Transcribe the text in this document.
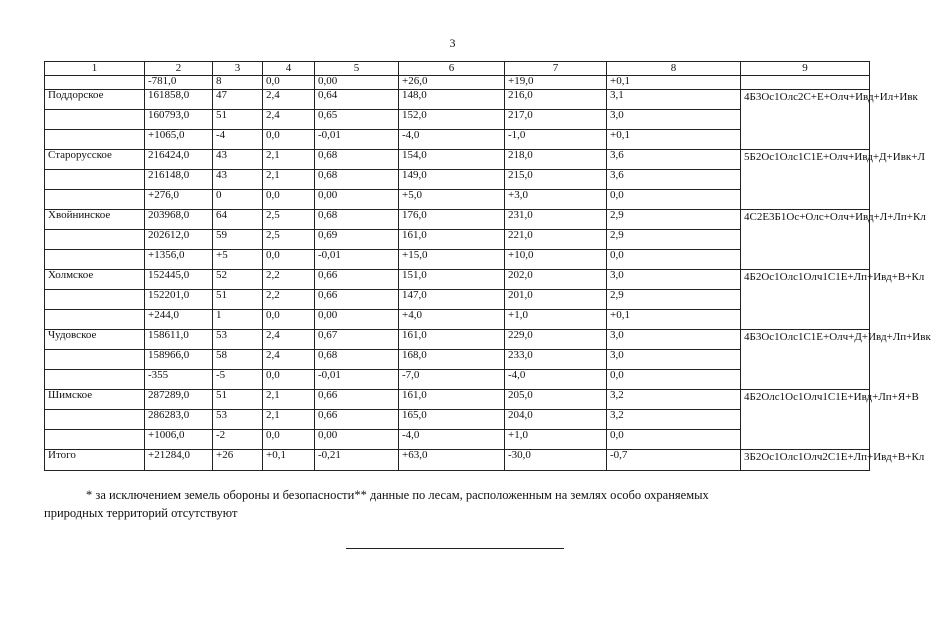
3
1	2	3	4	5	6	7	8	9
	-781,0	8	0,0	0,00	+26,0	+19,0	+0,1	
Поддорское	161858,0	47	2,4	0,64	148,0	216,0	3,1	4Б3Ос1Олс2С+Е+Олч+Ивд+Ил+Ивк
	160793,0	51	2,4	0,65	152,0	217,0	3,0	
	+1065,0	-4	0,0	-0,01	-4,0	-1,0	+0,1	
Старорусское	216424,0	43	2,1	0,68	154,0	218,0	3,6	5Б2Ос1Олс1С1Е+Олч+Ивд+Д+Ивк+Л
	216148,0	43	2,1	0,68	149,0	215,0	3,6	
	+276,0	0	0,0	0,00	+5,0	+3,0	0,0	
Хвойнинское	203968,0	64	2,5	0,68	176,0	231,0	2,9	4С2Е3Б1Ос+Олс+Олч+Ивд+Л+Лп+Кл
	202612,0	59	2,5	0,69	161,0	221,0	2,9	
	+1356,0	+5	0,0	-0,01	+15,0	+10,0	0,0	
Холмское	152445,0	52	2,2	0,66	151,0	202,0	3,0	4Б2Ос1Олс1Олч1С1Е+Лп+Ивд+В+Кл
	152201,0	51	2,2	0,66	147,0	201,0	2,9	
	+244,0	1	0,0	0,00	+4,0	+1,0	+0,1	
Чудовское	158611,0	53	2,4	0,67	161,0	229,0	3,0	4Б3Ос1Олс1С1Е+Олч+Д+Ивд+Лп+Ивк
	158966,0	58	2,4	0,68	168,0	233,0	3,0	
	-355	-5	0,0	-0,01	-7,0	-4,0	0,0	
Шимское	287289,0	51	2,1	0,66	161,0	205,0	3,2	4Б2Олс1Ос1Олч1С1Е+Ивд+Лп+Я+В
	286283,0	53	2,1	0,66	165,0	204,0	3,2	
	+1006,0	-2	0,0	0,00	-4,0	+1,0	0,0	
Итого	+21284,0	+26	+0,1	-0,21	+63,0	-30,0	-0,7	3Б2Ос1Олс1Олч2С1Е+Лп+Ивд+В+Кл
* за исключением земель обороны и безопасности** данные по лесам, расположенным на землях особо охраняемых
природных территорий отсутствуют
